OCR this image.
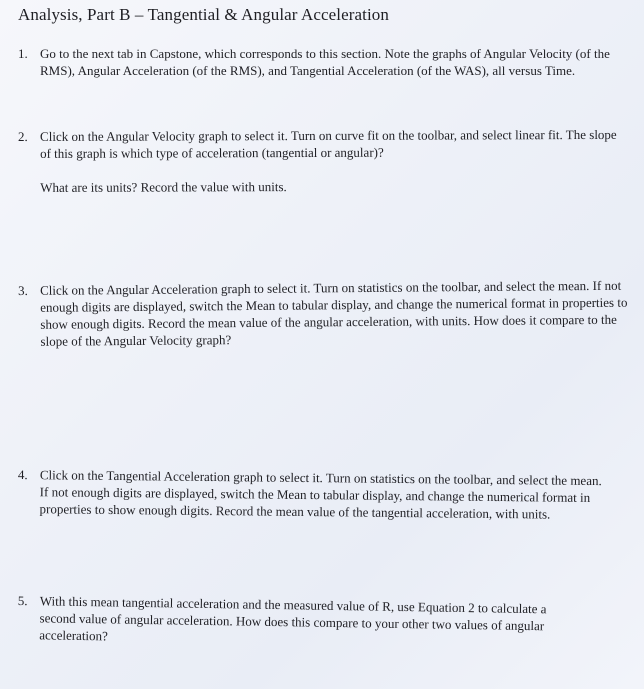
Analysis, Part B – Tangential & Angular Acceleration
1. Go to the next tab in Capstone, which corresponds to this section. Note the graphs of Angular Velocity (of the RMS), Angular Acceleration (of the RMS), and Tangential Acceleration (of the WAS), all versus Time.

2. Click on the Angular Velocity graph to select it. Turn on curve fit on the toolbar, and select linear fit. The slope of this graph is which type of acceleration (tangential or angular)?

What are its units? Record the value with units.

3. Click on the Angular Acceleration graph to select it. Turn on statistics on the toolbar, and select the mean. If not enough digits are displayed, switch the Mean to tabular display, and change the numerical format in properties to show enough digits. Record the mean value of the angular acceleration, with units. How does it compare to the slope of the Angular Velocity graph?

4. Click on the Tangential Acceleration graph to select it. Turn on statistics on the toolbar, and select the mean. If not enough digits are displayed, switch the Mean to tabular display, and change the numerical format in properties to show enough digits. Record the mean value of the tangential acceleration, with units.

5. With this mean tangential acceleration and the measured value of R, use Equation 2 to calculate a second value of angular acceleration. How does this compare to your other two values of angular acceleration?
